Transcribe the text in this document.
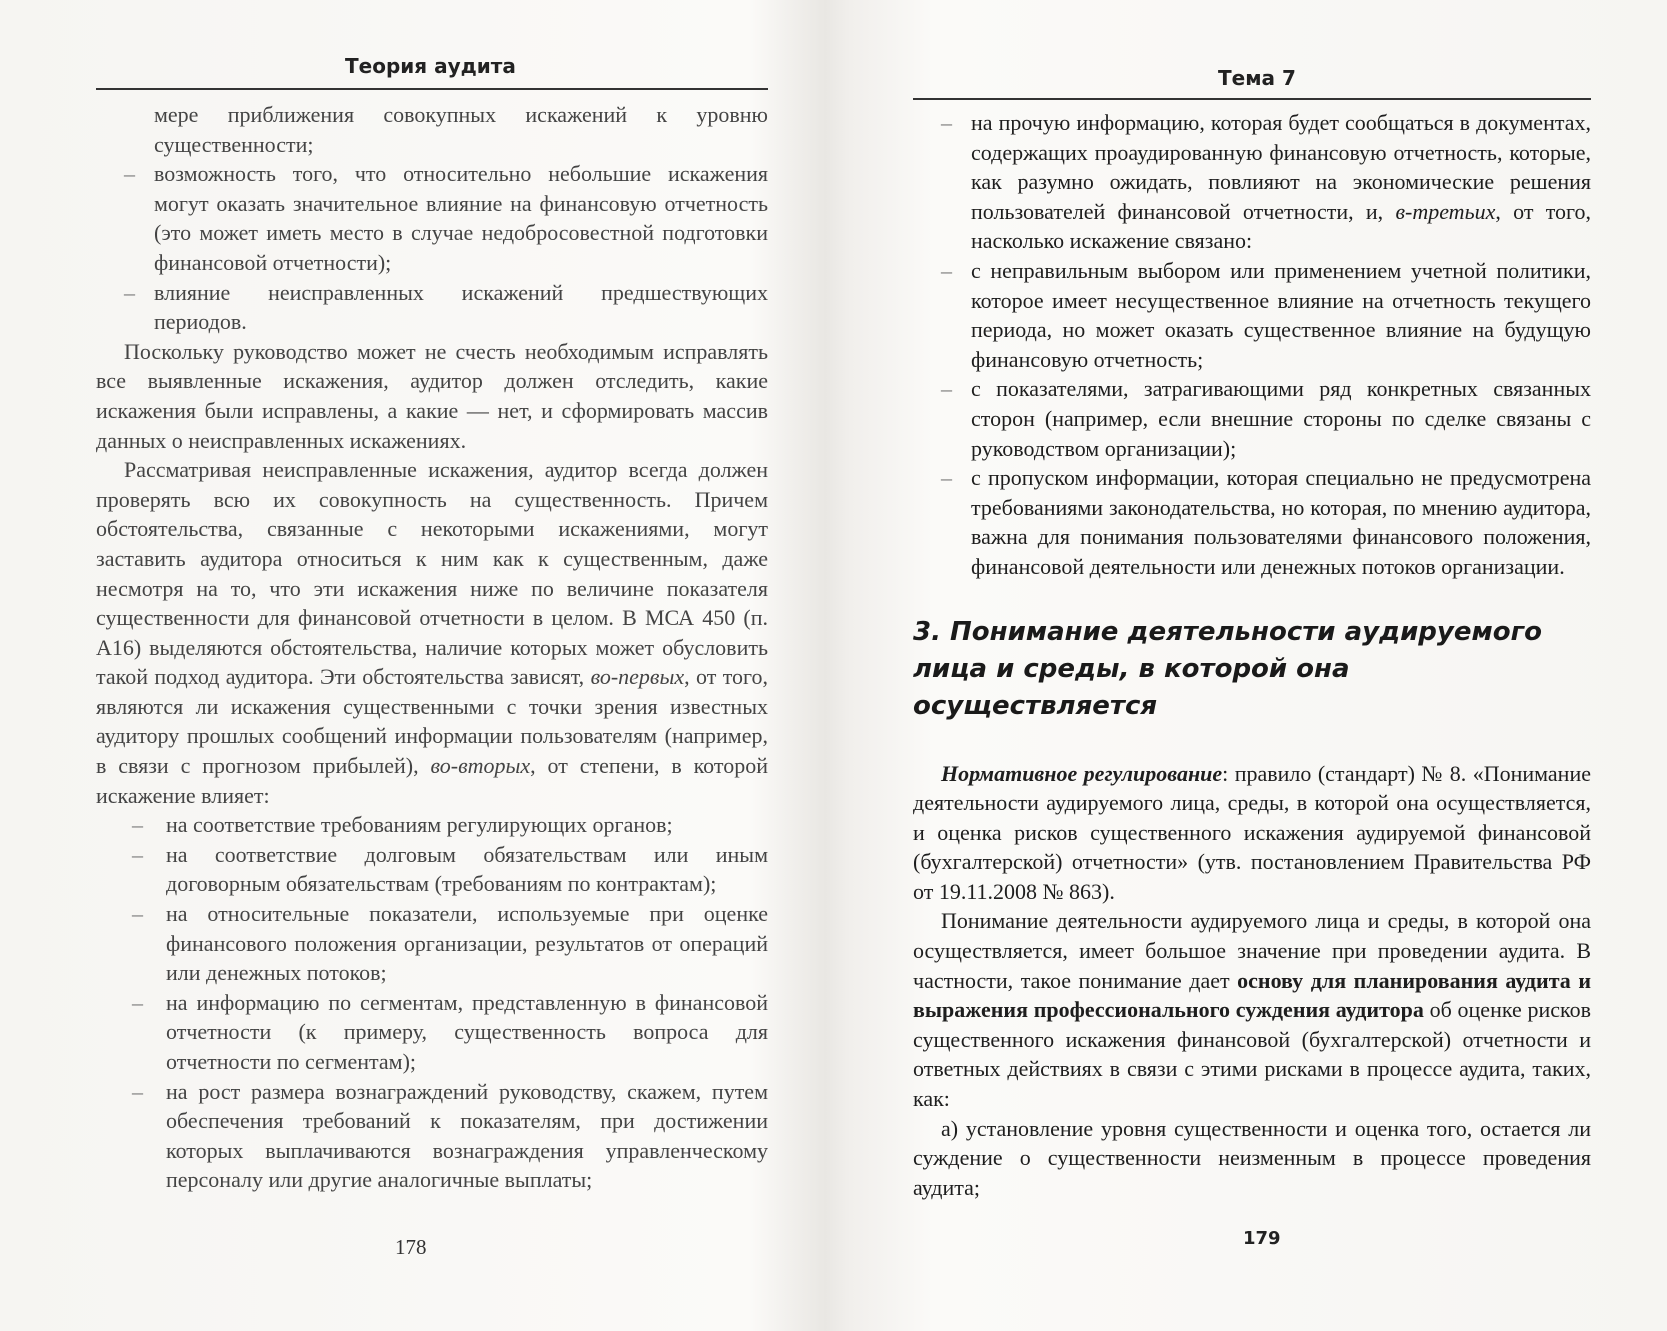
Теория аудита

мере приближения совокупных искажений к уровню существенности;

– возможность того, что относительно небольшие искажения могут оказать значительное влияние на финансовую отчетность (это может иметь место в случае недобросовестной подготовки финансовой отчетности);

– влияние неисправленных искажений предшествующих периодов.

Поскольку руководство может не счесть необходимым исправлять все выявленные искажения, аудитор должен отследить, какие искажения были исправлены, а какие — нет, и сформировать массив данных о неисправленных искажениях.

Рассматривая неисправленные искажения, аудитор всегда должен проверять всю их совокупность на существенность. Причем обстоятельства, связанные с некоторыми искажениями, могут заставить аудитора относиться к ним как к существенным, даже несмотря на то, что эти искажения ниже по величине показателя существенности для финансовой отчетности в целом. В МСА 450 (п. А16) выделяются обстоятельства, наличие которых может обусловить такой подход аудитора. Эти обстоятельства зависят, во-первых, от того, являются ли искажения существенными с точки зрения известных аудитору прошлых сообщений информации пользователям (например, в связи с прогнозом прибылей), во-вторых, от степени, в которой искажение влияет:

– на соответствие требованиям регулирующих органов;

– на соответствие долговым обязательствам или иным договорным обязательствам (требованиям по контрактам);

– на относительные показатели, используемые при оценке финансового положения организации, результатов от операций или денежных потоков;

– на информацию по сегментам, представленную в финансовой отчетности (к примеру, существенность вопроса для отчетности по сегментам);

– на рост размера вознаграждений руководству, скажем, путем обеспечения требований к показателям, при достижении которых выплачиваются вознаграждения управленческому персоналу или другие аналогичные выплаты;

178
Тема 7

– на прочую информацию, которая будет сообщаться в документах, содержащих проаудированную финансовую отчетность, которые, как разумно ожидать, повлияют на экономические решения пользователей финансовой отчетности, и, в-третьих, от того, насколько искажение связано:

– с неправильным выбором или применением учетной политики, которое имеет несущественное влияние на отчетность текущего периода, но может оказать существенное влияние на будущую финансовую отчетность;

– с показателями, затрагивающими ряд конкретных связанных сторон (например, если внешние стороны по сделке связаны с руководством организации);

– с пропуском информации, которая специально не предусмотрена требованиями законодательства, но которая, по мнению аудитора, важна для понимания пользователями финансового положения, финансовой деятельности или денежных потоков организации.

3. Понимание деятельности аудируемого лица и среды, в которой она осуществляется

Нормативное регулирование: правило (стандарт) № 8. «Понимание деятельности аудируемого лица, среды, в которой она осуществляется, и оценка рисков существенного искажения аудируемой финансовой (бухгалтерской) отчетности» (утв. постановлением Правительства РФ от 19.11.2008 № 863).

Понимание деятельности аудируемого лица и среды, в которой она осуществляется, имеет большое значение при проведении аудита. В частности, такое понимание дает основу для планирования аудита и выражения профессионального суждения аудитора об оценке рисков существенного искажения финансовой (бухгалтерской) отчетности и ответных действиях в связи с этими рисками в процессе аудита, таких, как:

а) установление уровня существенности и оценка того, остается ли суждение о существенности неизменным в процессе проведения аудита;

179
